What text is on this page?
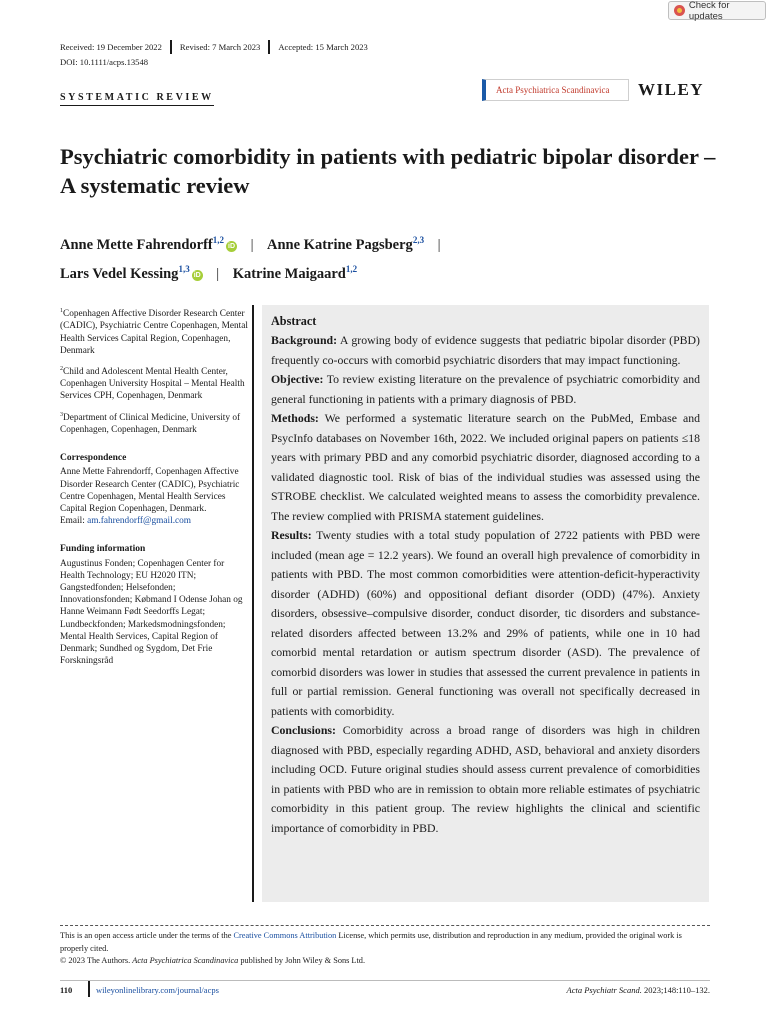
Check for updates
Received: 19 December 2022	Revised: 7 March 2023	Accepted: 15 March 2023
DOI: 10.1111/acps.13548
SYSTEMATIC REVIEW
Acta Psychiatrica Scandinavica WILEY
Psychiatric comorbidity in patients with pediatric bipolar disorder – A systematic review
Anne Mette Fahrendorff$^{1,2}$iD | Anne Katrine Pagsberg$^{2,3}$ |
Lars Vedel Kessing$^{1,3}$iD | Katrine Maigaard$^{1,2}$

$^1$Copenhagen Affective Disorder Research Center (CADIC), Psychiatric Centre Copenhagen, Mental Health Services Capital Region, Copenhagen, Denmark

$^2$Child and Adolescent Mental Health Center, Copenhagen University Hospital – Mental Health Services CPH, Copenhagen, Denmark

$^3$Department of Clinical Medicine, University of Copenhagen, Copenhagen, Denmark

Correspondence

Anne Mette Fahrendorff, Copenhagen Affective Disorder Research Center (CADIC), Psychiatric Centre Copenhagen, Mental Health Services Capital Region Copenhagen, Denmark.
Email: am.fahrendorff@gmail.com

Funding information

Augustinus Fonden; Copenhagen Center for Health Technology; EU H2020 ITN; Gangstedfonden; Helsefonden; Innovationsfonden; Købmand I Odense Johan og Hanne Weimann Født Seedorffs Legat; Lundbeckfonden; Markedsmodningsfonden; Mental Health Services, Capital Region of Denmark; Sundhed og Sygdom, Det Frie Forskningsråd

Abstract

Background: A growing body of evidence suggests that pediatric bipolar disorder (PBD) frequently co-occurs with comorbid psychiatric disorders that may impact functioning.

Objective: To review existing literature on the prevalence of psychiatric comorbidity and general functioning in patients with a primary diagnosis of PBD.

Methods: We performed a systematic literature search on the PubMed, Embase and PsycInfo databases on November 16th, 2022. We included original papers on patients ≤18 years with primary PBD and any comorbid psychiatric disorder, diagnosed according to a validated diagnostic tool. Risk of bias of the individual studies was assessed using the STROBE checklist. We calculated weighted means to assess the comorbidity prevalence. The review complied with PRISMA statement guidelines.

Results: Twenty studies with a total study population of 2722 patients with PBD were included (mean age = 12.2 years). We found an overall high prevalence of comorbidity in patients with PBD. The most common comorbidities were attention-deficit-hyperactivity disorder (ADHD) (60%) and oppositional defiant disorder (ODD) (47%). Anxiety disorders, obsessive–compulsive disorder, conduct disorder, tic disorders and substance-related disorders affected between 13.2% and 29% of patients, while one in 10 had comorbid mental retardation or autism spectrum disorder (ASD). The prevalence of comorbid disorders was lower in studies that assessed the current prevalence in patients in full or partial remission. General functioning was overall not specifically decreased in patients with comorbidity.

Conclusions: Comorbidity across a broad range of disorders was high in children diagnosed with PBD, especially regarding ADHD, ASD, behavioral and anxiety disorders including OCD. Future original studies should assess current prevalence of comorbidities in patients with PBD who are in remission to obtain more reliable estimates of psychiatric comorbidity in this patient group. The review highlights the clinical and scientific importance of comorbidity in PBD.

This is an open access article under the terms of the Creative Commons Attribution License, which permits use, distribution and reproduction in any medium, provided the original work is properly cited.

© 2023 The Authors. Acta Psychiatrica Scandinavica published by John Wiley & Sons Ltd.

110	wileyonlinelibrary.com/journal/acps	Acta Psychiatr Scand. 2023;148:110–132.
